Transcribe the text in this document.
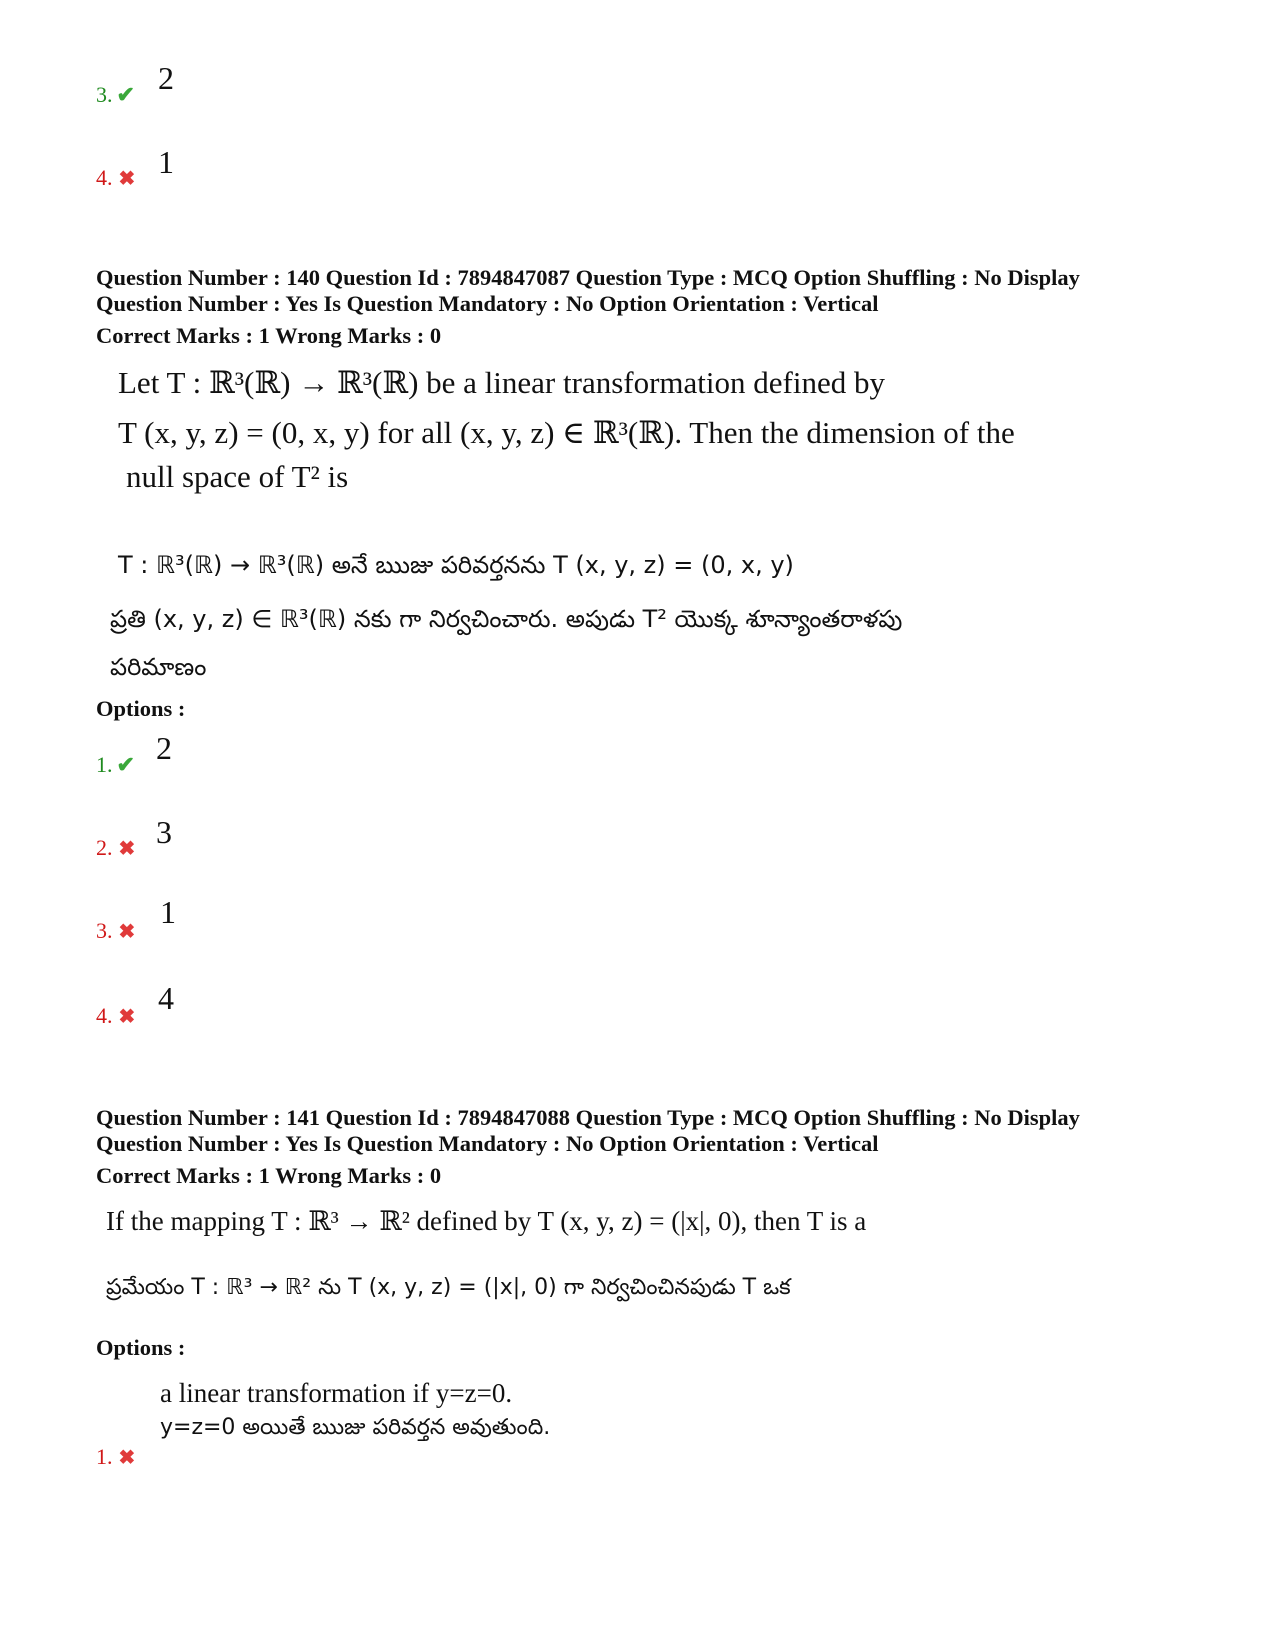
3. ✔ 2
4. ✖ 1
Question Number : 140 Question Id : 7894847087 Question Type : MCQ Option Shuffling : No Display
Question Number : Yes Is Question Mandatory : No Option Orientation : Vertical
Correct Marks : 1 Wrong Marks : 0
Let T : ℝ³(ℝ) → ℝ³(ℝ) be a linear transformation defined by
T (x, y, z) = (0, x, y) for all (x, y, z) ∈ ℝ³(ℝ). Then the dimension of the
null space of T² is
T : ℝ³(ℝ) → ℝ³(ℝ) అనే ఋజు పరివర్తనను T (x, y, z) = (0, x, y)
ప్రతి (x, y, z) ∈ ℝ³(ℝ) నకు గా నిర్వచించారు. అపుడు T² యొక్క శూన్యాంతరాళపు
పరిమాణం
Options :
1. ✔ 2
2. ✖ 3
3. ✖
1
4. ✖
4
Question Number : 141 Question Id : 7894847088 Question Type : MCQ Option Shuffling : No Display
Question Number : Yes Is Question Mandatory : No Option Orientation : Vertical
Correct Marks : 1 Wrong Marks : 0
If the mapping T : ℝ³ → ℝ² defined by T (x, y, z) = (|x|, 0), then T is a
ప్రమేయం T : ℝ³ → ℝ² ను T (x, y, z) = (|x|, 0) గా నిర్వచించినపుడు T ఒక
Options :
a linear transformation if y=z=0.
y=z=0 అయితే ఋజు పరివర్తన అవుతుంది.
1. ✖
